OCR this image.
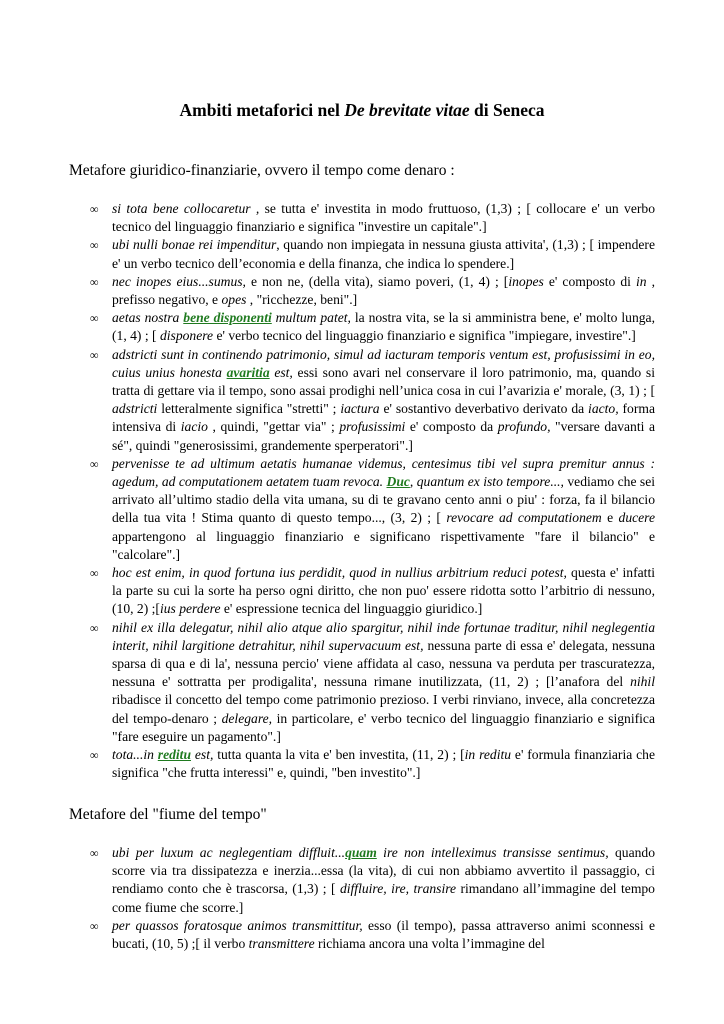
Ambiti metaforici nel De brevitate vitae di Seneca
Metafore giuridico-finanziarie, ovvero il tempo come denaro :
∞ si tota bene collocaretur , se tutta e' investita in modo fruttuoso, (1,3) ; [ collocare e' un verbo tecnico del linguaggio finanziario e significa "investire un capitale".]
∞ ubi nulli bonae rei impenditur, quando non impiegata in nessuna giusta attivita', (1,3) ; [ impendere e' un verbo tecnico dell’economia e della finanza, che indica lo spendere.]
∞ nec inopes eius...sumus, e non ne, (della vita), siamo poveri, (1, 4) ; [inopes e' composto di in , prefisso negativo, e opes , "ricchezze, beni".]
∞ aetas nostra bene disponenti multum patet, la nostra vita, se la si amministra bene, e' molto lunga, (1, 4) ; [ disponere e' verbo tecnico del linguaggio finanziario e significa "impiegare, investire".]
∞ adstricti sunt in continendo patrimonio, simul ad iacturam temporis ventum est, profusissimi in eo, cuius unius honesta avaritia est, essi sono avari nel conservare il loro patrimonio, ma, quando si tratta di gettare via il tempo, sono assai prodighi nell’unica cosa in cui l’avarizia e' morale, (3, 1) ; [ adstricti letteralmente significa "stretti" ; iactura e' sostantivo deverbativo derivato da iacto, forma intensiva di iacio , quindi, "gettar via" ; profusissimi e' composto da profundo, "versare davanti a sé", quindi "generosissimi, grandemente sperperatori".]
∞ pervenisse te ad ultimum aetatis humanae videmus, centesimus tibi vel supra premitur annus : agedum, ad computationem aetatem tuam revoca. Duc, quantum ex isto tempore..., vediamo che sei arrivato all’ultimo stadio della vita umana, su di te gravano cento anni o piu' : forza, fa il bilancio della tua vita ! Stima quanto di questo tempo..., (3, 2) ; [ revocare ad computationem e ducere appartengono al linguaggio finanziario e significano rispettivamente "fare il bilancio" e "calcolare".]
∞ hoc est enim, in quod fortuna ius perdidit, quod in nullius arbitrium reduci potest, questa e' infatti la parte su cui la sorte ha perso ogni diritto, che non puo' essere ridotta sotto l’arbitrio di nessuno, (10, 2) ;[ius perdere e' espressione tecnica del linguaggio giuridico.]
∞ nihil ex illa delegatur, nihil alio atque alio spargitur, nihil inde fortunae traditur, nihil neglegentia interit, nihil largitione detrahitur, nihil supervacuum est, nessuna parte di essa e' delegata, nessuna sparsa di qua e di la', nessuna percio' viene affidata al caso, nessuna va perduta per trascuratezza, nessuna e' sottratta per prodigalita', nessuna rimane inutilizzata, (11, 2) ; [l’anafora del nihil ribadisce il concetto del tempo come patrimonio prezioso. I verbi rinviano, invece, alla concretezza del tempo-denaro ; delegare, in particolare, e' verbo tecnico del linguaggio finanziario e significa "fare eseguire un pagamento".]
∞ tota...in reditu est, tutta quanta la vita e' ben investita, (11, 2) ; [in reditu e' formula finanziaria che significa "che frutta interessi" e, quindi, "ben investito".]
Metafore del "fiume del tempo"
∞ ubi per luxum ac neglegentiam diffluit...quam ire non intelleximus transisse sentimus, quando scorre via tra dissipatezza e inerzia...essa (la vita), di cui non abbiamo avvertito il passaggio, ci rendiamo conto che è trascorsa, (1,3) ; [ diffluire, ire, transire rimandano all’immagine del tempo come fiume che scorre.]
∞ per quassos foratosque animos transmittitur, esso (il tempo), passa attraverso animi sconnessi e bucati, (10, 5) ;[ il verbo transmittere richiama ancora una volta l’immagine del
